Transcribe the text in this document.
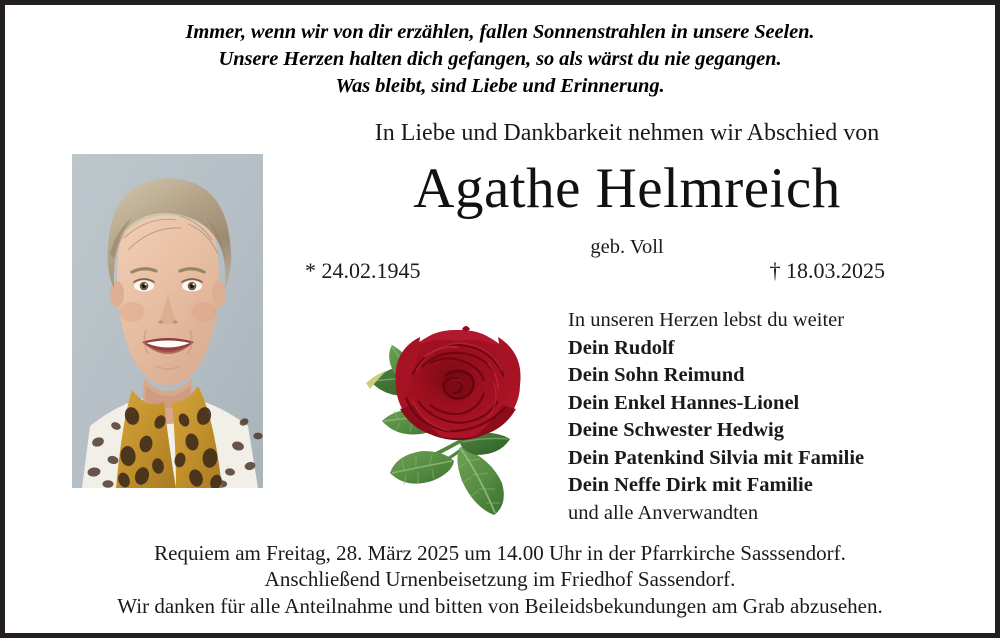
Immer, wenn wir von dir erzählen, fallen Sonnenstrahlen in unsere Seelen.
Unsere Herzen halten dich gefangen, so als wärst du nie gegangen.
Was bleibt, sind Liebe und Erinnerung.
In Liebe und Dankbarkeit nehmen wir Abschied von
Agathe Helmreich
geb. Voll
* 24.02.1945	† 18.03.2025
In unseren Herzen lebst du weiter
Dein Rudolf
Dein Sohn Reimund
Dein Enkel Hannes-Lionel
Deine Schwester Hedwig
Dein Patenkind Silvia mit Familie
Dein Neffe Dirk mit Familie
und alle Anverwandten
Requiem am Freitag, 28. März 2025 um 14.00 Uhr in der Pfarrkirche Sasssendorf.
Anschließend Urnenbeisetzung im Friedhof Sassendorf.
Wir danken für alle Anteilnahme und bitten von Beileidsbekundungen am Grab abzusehen.
